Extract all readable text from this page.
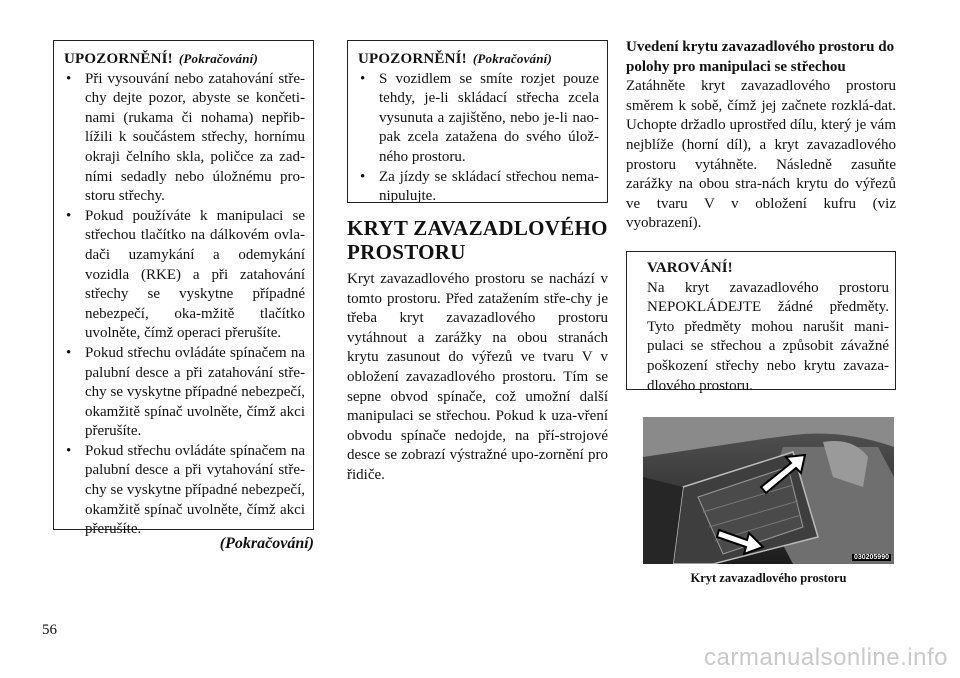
UPOZORNĚNÍ! (Pokračování)
• Při vysouvání nebo zatahování stře-chy dejte pozor, abyste se končeti-nami (rukama či nohama) nepřib-lížili k součástem střechy, hornímu okraji čelního skla, poličce za zad-ními sedadly nebo úložnému pro-storu střechy.
• Pokud používáte k manipulaci se střechou tlačítko na dálkovém ovla-dači uzamykání a odemykání vozidla (RKE) a při zatahování střechy se vyskytne případné nebezpečí, oka-mžitě tlačítko uvolněte, čímž operaci přerušíte.
• Pokud střechu ovládáte spínačem na palubní desce a při zatahování stře-chy se vyskytne případné nebezpečí, okamžitě spínač uvolněte, čímž akci přerušíte.
• Pokud střechu ovládáte spínačem na palubní desce a při vytahování stře-chy se vyskytne případné nebezpečí, okamžitě spínač uvolněte, čímž akci přerušíte.
(Pokračování)
UPOZORNĚNÍ! (Pokračování)
• S vozidlem se smíte rozjet pouze tehdy, je-li skládací střecha zcela vysunuta a zajištěno, nebo je-li nao-pak zcela zatažena do svého úlož-ného prostoru.
• Za jízdy se skládací střechou nema-nipulujte.
KRYT ZAVAZADLOVÉHO PROSTORU

Kryt zavazadlového prostoru se nachází v tomto prostoru. Před zatažením stře-chy je třeba kryt zavazadlového prostoru vytáhnout a zarážky na obou stranách krytu zasunout do výřezů ve tvaru V v obložení zavazadlového prostoru. Tím se sepne obvod spínače, což umožní další manipulaci se střechou. Pokud k uza-vření obvodu spínače nedojde, na pří-strojové desce se zobrazí výstražné upo-zornění pro řidiče.

Uvedení krytu zavazadlového prostoru do polohy pro manipulaci se střechou

Zatáhněte kryt zavazadlového prostoru směrem k sobě, čímž jej začnete rozklá-dat. Uchopte držadlo uprostřed dílu, který je vám nejblíže (horní díl), a kryt zavazadlového prostoru vytáhněte. Následně zasuňte zarážky na obou stra-nách krytu do výřezů ve tvaru V v obložení kufru (viz vyobrazení).

VAROVÁNÍ!

Na kryt zavazadlového prostoru NEPOKLÁDEJTE žádné předměty. Tyto předměty mohou narušit mani-pulaci se střechou a způsobit závažné poškození střechy nebo krytu zavaza-dlového prostoru.

030205990
Kryt zavazadlového prostoru
56
carmanualsonline.info
